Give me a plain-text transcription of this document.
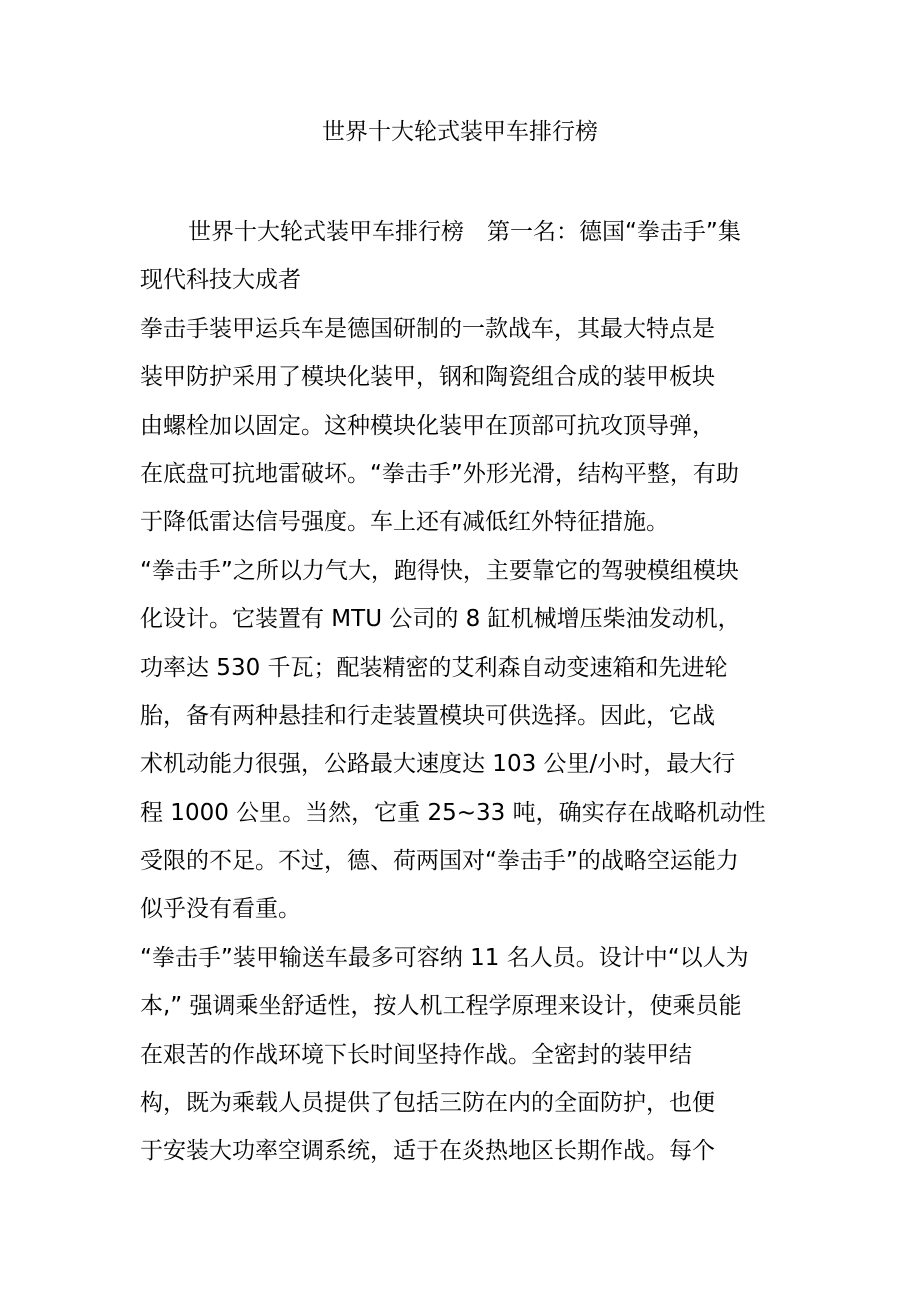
世界十大轮式装甲车排行榜
世界十大轮式装甲车排行榜　第一名：德国“拳击手”集
现代科技大成者
拳击手装甲运兵车是德国研制的一款战车，其最大特点是
装甲防护采用了模块化装甲，钢和陶瓷组合成的装甲板块
由螺栓加以固定。这种模块化装甲在顶部可抗攻顶导弹，
在底盘可抗地雷破坏。“拳击手”外形光滑，结构平整，有助
于降低雷达信号强度。车上还有减低红外特征措施。
“拳击手”之所以力气大，跑得快，主要靠它的驾驶模组模块
化设计。它装置有 MTU 公司的 8 缸机械增压柴油发动机，
功率达 530 千瓦；配装精密的艾利森自动变速箱和先进轮
胎，备有两种悬挂和行走装置模块可供选择。因此，它战
术机动能力很强，公路最大速度达 103 公里/小时，最大行
程 1000 公里。当然，它重 25~33 吨，确实存在战略机动性
受限的不足。不过，德、荷两国对“拳击手”的战略空运能力
似乎没有看重。
“拳击手”装甲输送车最多可容纳 11 名人员。设计中“以人为
本,” 强调乘坐舒适性，按人机工程学原理来设计，使乘员能
在艰苦的作战环境下长时间坚持作战。全密封的装甲结
构，既为乘载人员提供了包括三防在内的全面防护，也便
于安装大功率空调系统，适于在炎热地区长期作战。每个
